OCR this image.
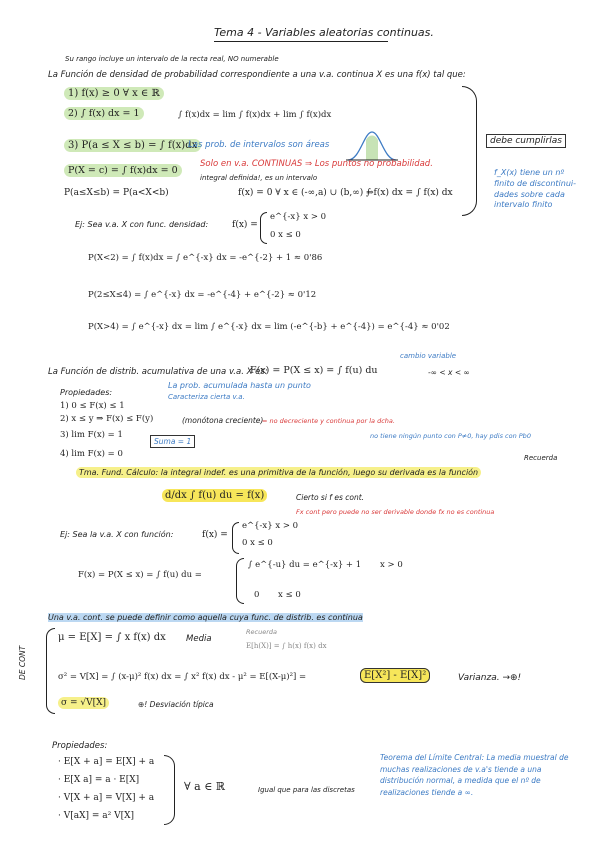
Tema 4 - Variables aleatorias continuas.
Su rango incluye un intervalo de la recta real, NO numerable
La Función de densidad de probabilidad correspondiente a una v.a. continua X es una f(x) tal que:
1) f(x) ≥ 0 ∀ x ∈ ℝ
2) ∫ f(x) dx = 1	∫ f(x)dx = lim ∫ f(x)dx + lim ∫ f(x)dx
debe cumplirlas
f_X(x) tiene un nº finito de discontinui-dades sobre cada intervalo finito
3) P(a ≤ X ≤ b) = ∫ f(x)dx
Las prob. de intervalos son áreas
P(X = c) = ∫ f(x)dx = 0
Solo en v.a. CONTINUAS ⇒ Los puntos no probabilidad.
integral definida!, es un intervalo
P(a≤X≤b) = P(a<X<b)	f(x) = 0 ∀ x ∈ (-∞,a) ∪ (b,∞) ⇒
∫ f(x) dx = ∫ f(x) dx
Ej: Sea v.a. X con func. densidad:	f(x) =
e^{-x} x > 0
0 x ≤ 0
P(X<2) = ∫ f(x)dx = ∫ e^{-x} dx = -e^{-2} + 1 ≈ 0'86
P(2≤X≤4) = ∫ e^{-x} dx = -e^{-4} + e^{-2} ≈ 0'12
P(X>4) = ∫ e^{-x} dx = lim ∫ e^{-x} dx = lim (-e^{-b} + e^{-4}) = e^{-4} ≈ 0'02
La Función de distrib. acumulativa de una v.a. X es:
F(x) = P(X ≤ x) = ∫ f(u) du	-∞ < x < ∞
cambio variable
La prob. acumulada hasta un punto
Caracteriza cierta v.a.
Propiedades:
1) 0 ≤ F(x) ≤ 1
2) x ≤ y ⇒ F(x) ≤ F(y)	(monótona creciente)
= no decreciente y continua por la dcha.
no tiene ningún punto con P≠0, hay pdis con Pb0
3) lim F(x) = 1
4) lim F(x) = 0
Suma = 1
Recuerda
Tma. Fund. Cálculo: la integral indef. es una primitiva de la función, luego su derivada es la función
d/dx ∫ f(u) du = f(x)	Cierto si f es cont.
Fx cont pero puede no ser derivable donde fx no es continua
Ej: Sea la v.a. X con función:	f(x) =
e^{-x} x > 0
0 x ≤ 0
F(x) = P(X ≤ x) = ∫ f(u) du =
∫ e^{-u} du = e^{-x} + 1 x > 0
0 x ≤ 0
Una v.a. cont. se puede definir como aquella cuya func. de distrib. es continua
DE CONT
μ = E[X] = ∫ x f(x) dx Media
Recuerda
E[h(X)] = ∫ h(x) f(x) dx
σ² = V[X] = ∫ (x-μ)² f(x) dx = ∫ x² f(x) dx - μ² = E[(X-μ)²] =	E[X²] - E[X]²	Varianza. →⊕!
σ = √V[X]	⊕! Desviación típica
Propiedades:
· E[X + a] = E[X] + a
· E[X a] = a · E[X]
· V[X + a] = V[X] + a
· V[aX] = a² V[X]
∀ a ∈ ℝ	Igual que para las discretas
Teorema del Límite Central: La media muestral de muchas realizaciones de v.a's tiende a una distribución normal, a medida que el nº de realizaciones tiende a ∞.
